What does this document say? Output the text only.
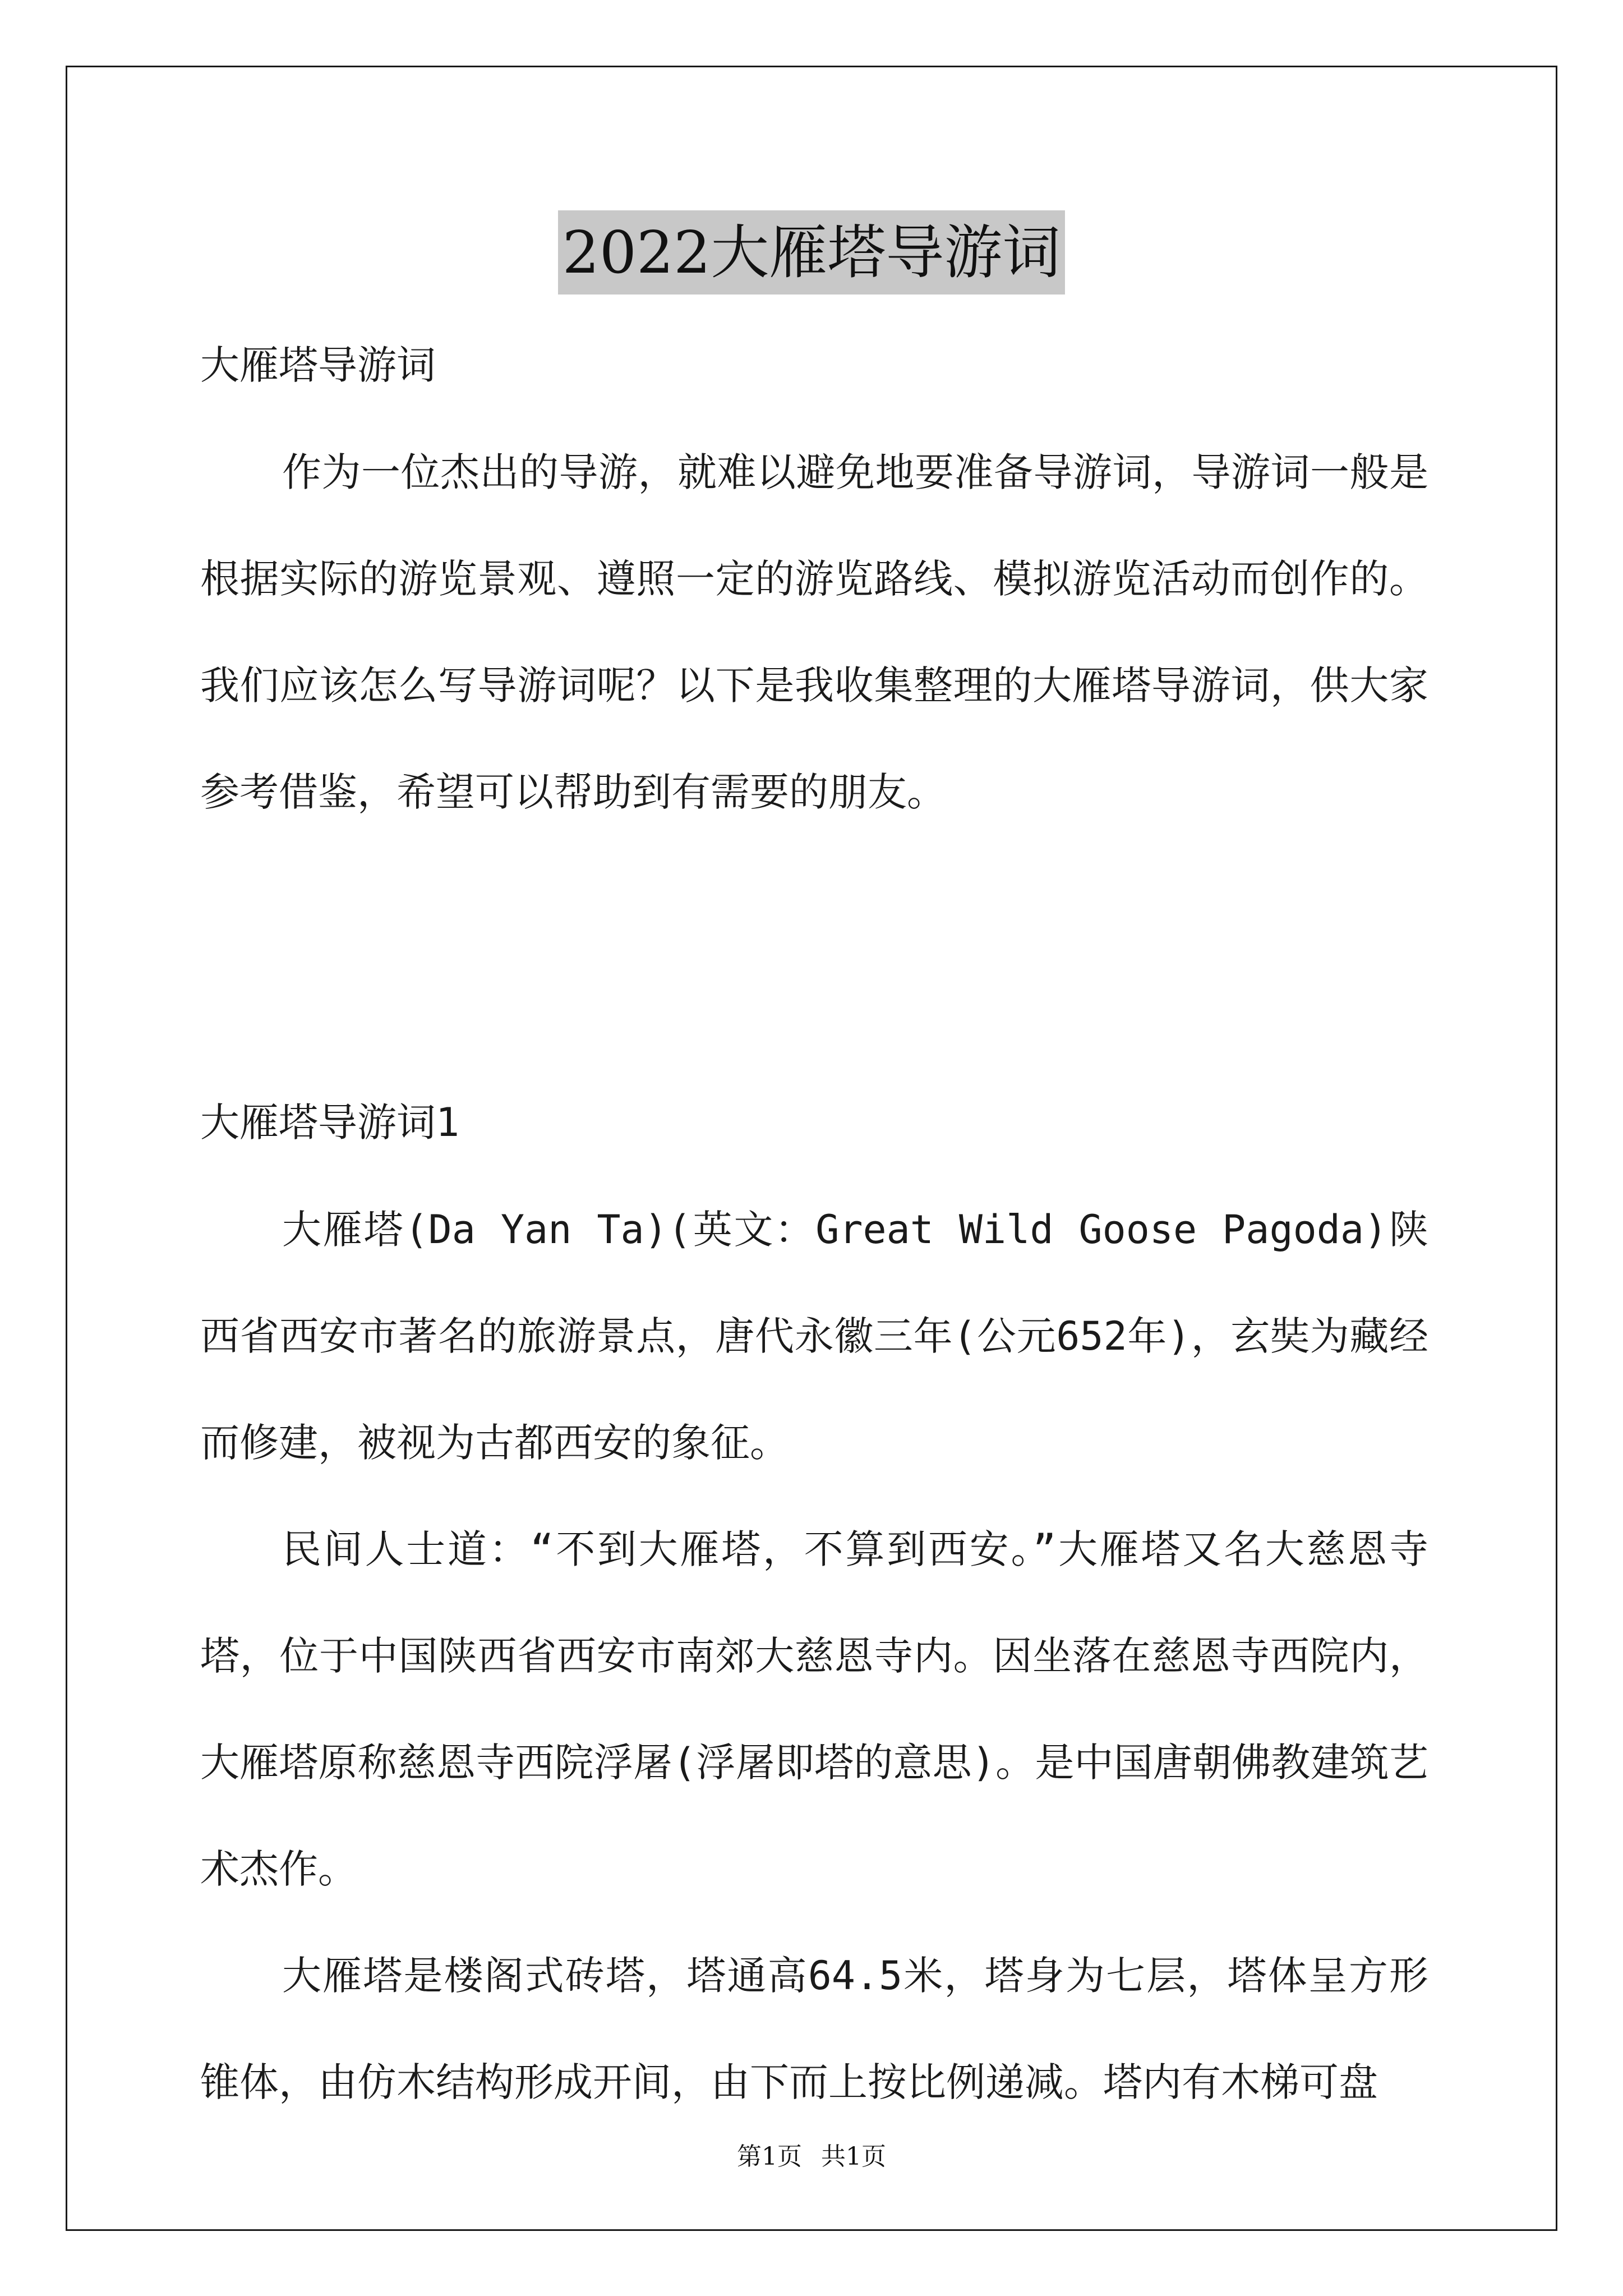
2022大雁塔导游词

大雁塔导游词

作为一位杰出的导游，就难以避免地要准备导游词，导游词一般是根据实际的游览景观、遵照一定的游览路线、模拟游览活动而创作的。我们应该怎么写导游词呢？以下是我收集整理的大雁塔导游词，供大家参考借鉴，希望可以帮助到有需要的朋友。

大雁塔导游词1

大雁塔(Da Yan Ta)(英文：Great Wild Goose Pagoda)陕西省西安市著名的旅游景点，唐代永徽三年(公元652年)，玄奘为藏经而修建，被视为古都西安的象征。

民间人士道：“不到大雁塔，不算到西安。”大雁塔又名大慈恩寺塔，位于中国陕西省西安市南郊大慈恩寺内。因坐落在慈恩寺西院内，大雁塔原称慈恩寺西院浮屠(浮屠即塔的意思)。是中国唐朝佛教建筑艺术杰作。

大雁塔是楼阁式砖塔，塔通高64.5米，塔身为七层，塔体呈方形锥体，由仿木结构形成开间，由下而上按比例递减。塔内有木梯可盘

第1页 共1页
